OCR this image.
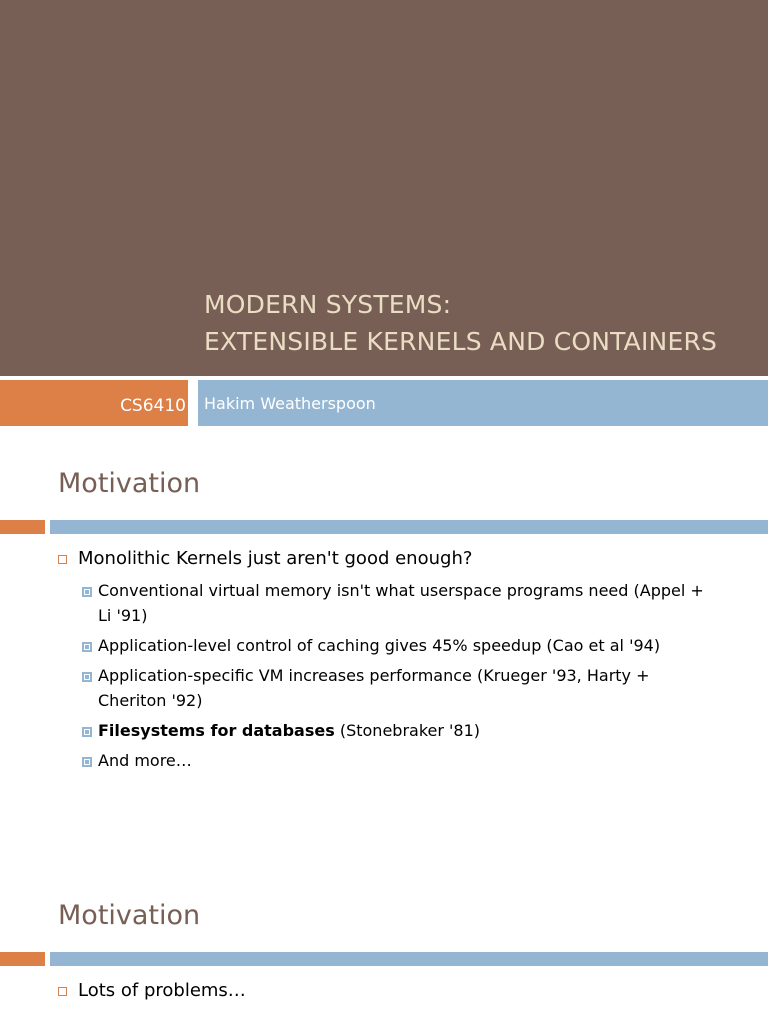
MODERN SYSTEMS:
EXTENSIBLE KERNELS AND CONTAINERS
CS6410 Hakim Weatherspoon
Motivation
Monolithic Kernels just aren't good enough?
Conventional virtual memory isn't what userspace programs need (Appel + Li '91)
Application-level control of caching gives 45% speedup (Cao et al '94)
Application-specific VM increases performance (Krueger '93, Harty + Cheriton '92)
Filesystems for databases (Stonebraker '81)
And more…
Motivation
Lots of problems…
